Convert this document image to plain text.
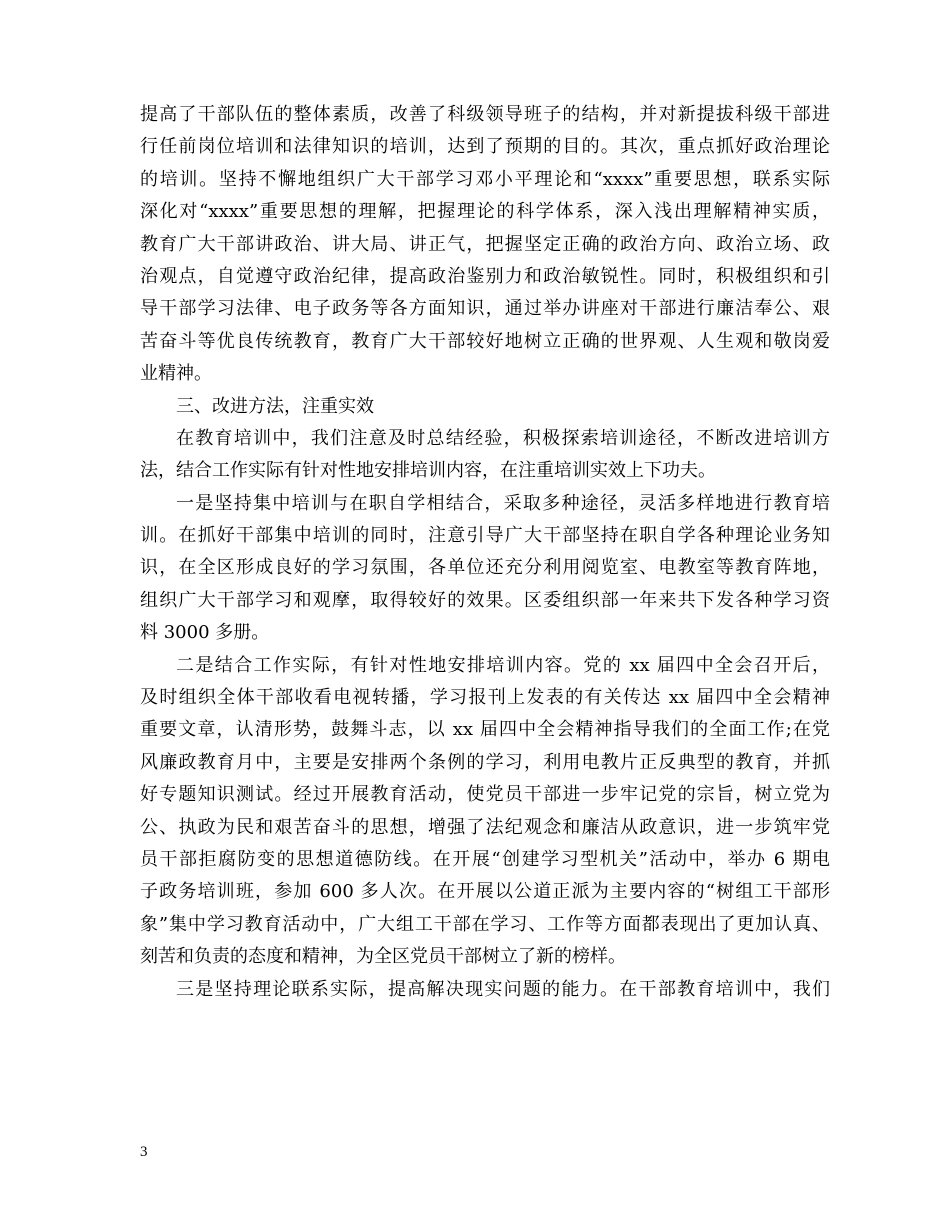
提高了干部队伍的整体素质，改善了科级领导班子的结构，并对新提拔科级干部进
行任前岗位培训和法律知识的培训，达到了预期的目的。其次，重点抓好政治理论
的培训。坚持不懈地组织广大干部学习邓小平理论和“xxxx”重要思想，联系实际
深化对“xxxx”重要思想的理解，把握理论的科学体系，深入浅出理解精神实质，
教育广大干部讲政治、讲大局、讲正气，把握坚定正确的政治方向、政治立场、政
治观点，自觉遵守政治纪律，提高政治鉴别力和政治敏锐性。同时，积极组织和引
导干部学习法律、电子政务等各方面知识，通过举办讲座对干部进行廉洁奉公、艰
苦奋斗等优良传统教育，教育广大干部较好地树立正确的世界观、人生观和敬岗爱
业精神。
三、改进方法，注重实效
在教育培训中，我们注意及时总结经验，积极探索培训途径，不断改进培训方
法，结合工作实际有针对性地安排培训内容，在注重培训实效上下功夫。
一是坚持集中培训与在职自学相结合，采取多种途径，灵活多样地进行教育培
训。在抓好干部集中培训的同时，注意引导广大干部坚持在职自学各种理论业务知
识，在全区形成良好的学习氛围，各单位还充分利用阅览室、电教室等教育阵地，
组织广大干部学习和观摩，取得较好的效果。区委组织部一年来共下发各种学习资
料 3000 多册。
二是结合工作实际，有针对性地安排培训内容。党的 xx 届四中全会召开后，
及时组织全体干部收看电视转播，学习报刊上发表的有关传达 xx 届四中全会精神
重要文章，认清形势，鼓舞斗志，以 xx 届四中全会精神指导我们的全面工作;在党
风廉政教育月中，主要是安排两个条例的学习，利用电教片正反典型的教育，并抓
好专题知识测试。经过开展教育活动，使党员干部进一步牢记党的宗旨，树立党为
公、执政为民和艰苦奋斗的思想，增强了法纪观念和廉洁从政意识，进一步筑牢党
员干部拒腐防变的思想道德防线。在开展“创建学习型机关”活动中，举办 6 期电
子政务培训班，参加 600 多人次。在开展以公道正派为主要内容的“树组工干部形
象”集中学习教育活动中，广大组工干部在学习、工作等方面都表现出了更加认真、
刻苦和负责的态度和精神，为全区党员干部树立了新的榜样。
三是坚持理论联系实际，提高解决现实问题的能力。在干部教育培训中，我们
3
